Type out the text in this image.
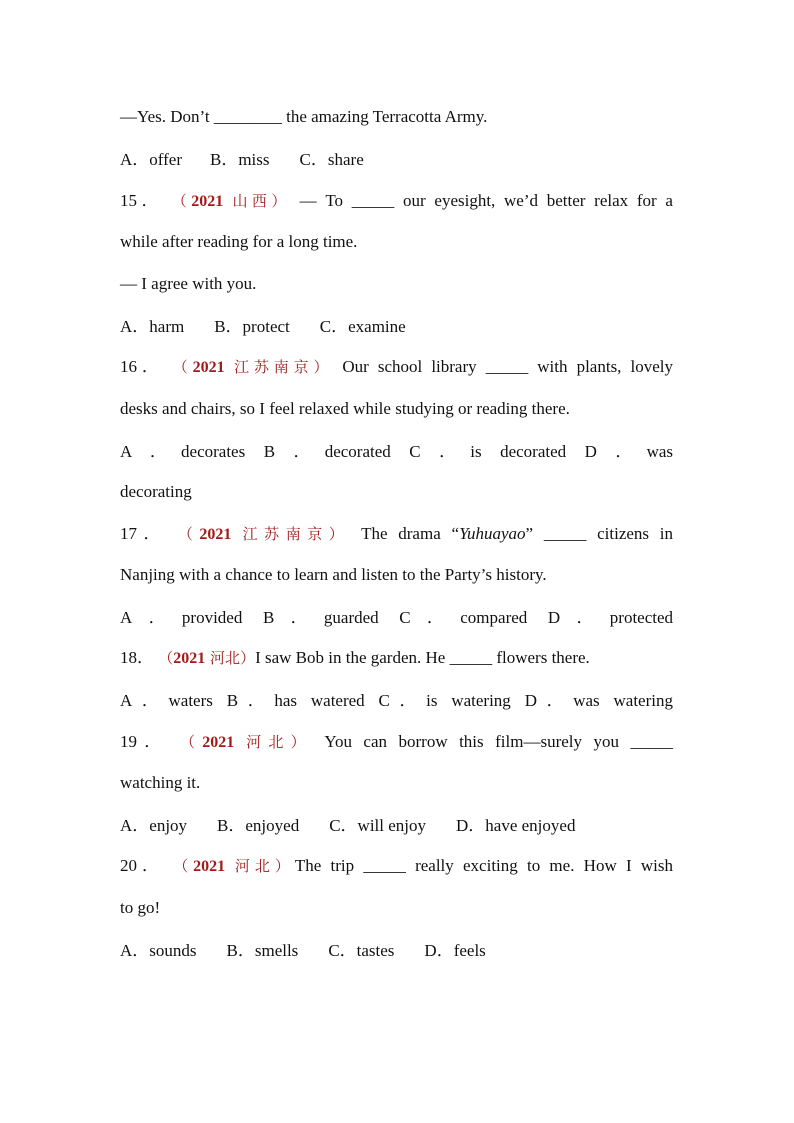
—Yes. Don’t ________ the amazing Terracotta Army.
A．offer B．miss C．share
15． （2021 山西） — To _____ our eyesight, we’d better relax for a
while after reading for a long time.
— I agree with you.
A．harm B．protect C．examine
16． （2021 江苏南京） Our school library _____ with plants, lovely
desks and chairs, so I feel relaxed while studying or reading there.
A ．decorates B ．decorated C ．is decorated D ．was
decorating
17． （2021 江苏南京） The drama “Yuhuayao” _____ citizens in
Nanjing with a chance to learn and listen to the Party’s history.
A．provided B．guarded C．compared D．protected
18． （2021 河北）I saw Bob in the garden. He _____ flowers there.
A．waters B．has watered C．is watering D．was watering
19． （2021 河北） You can borrow this film—surely you _____
watching it.
A．enjoy B．enjoyed C．will enjoy D．have enjoyed
20． （2021 河北）The trip _____ really exciting to me. How I wish
to go!
A．sounds B．smells C．tastes D．feels
